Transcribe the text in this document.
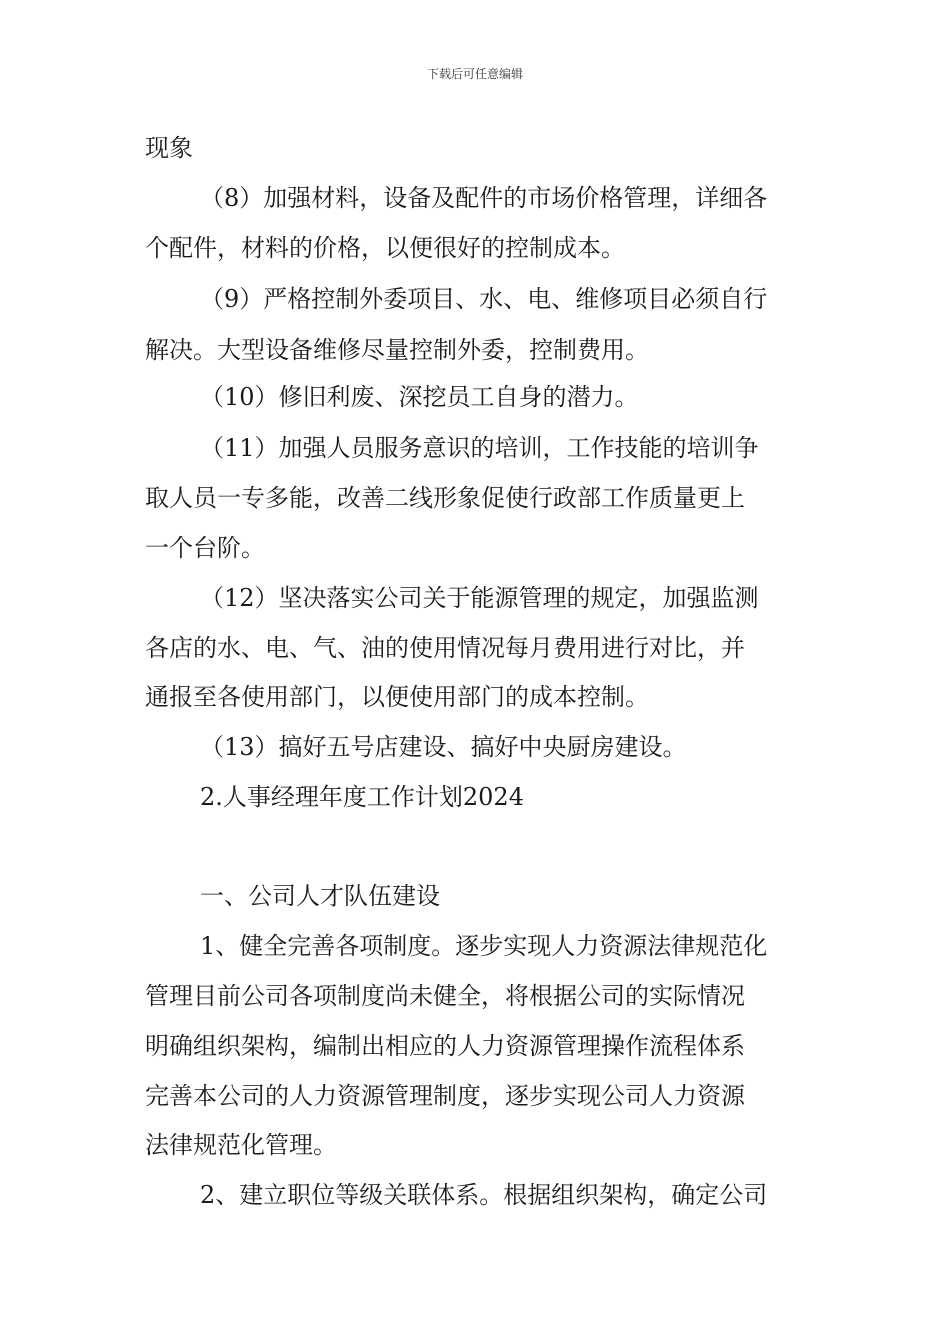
下载后可任意编辑
现象
（8）加强材料，设备及配件的市场价格管理，详细各
个配件，材料的价格，以便很好的控制成本。
（9）严格控制外委项目、水、电、维修项目必须自行
解决。大型设备维修尽量控制外委，控制费用。
（10）修旧利废、深挖员工自身的潜力。
（11）加强人员服务意识的培训，工作技能的培训争
取人员一专多能，改善二线形象促使行政部工作质量更上
一个台阶。
（12）坚决落实公司关于能源管理的规定，加强监测
各店的水、电、气、油的使用情况每月费用进行对比，并
通报至各使用部门，以便使用部门的成本控制。
（13）搞好五号店建设、搞好中央厨房建设。
2.人事经理年度工作计划2024
一、公司人才队伍建设
1、健全完善各项制度。逐步实现人力资源法律规范化
管理目前公司各项制度尚未健全，将根据公司的实际情况
明确组织架构，编制出相应的人力资源管理操作流程体系
完善本公司的人力资源管理制度，逐步实现公司人力资源
法律规范化管理。
2、建立职位等级关联体系。根据组织架构，确定公司
